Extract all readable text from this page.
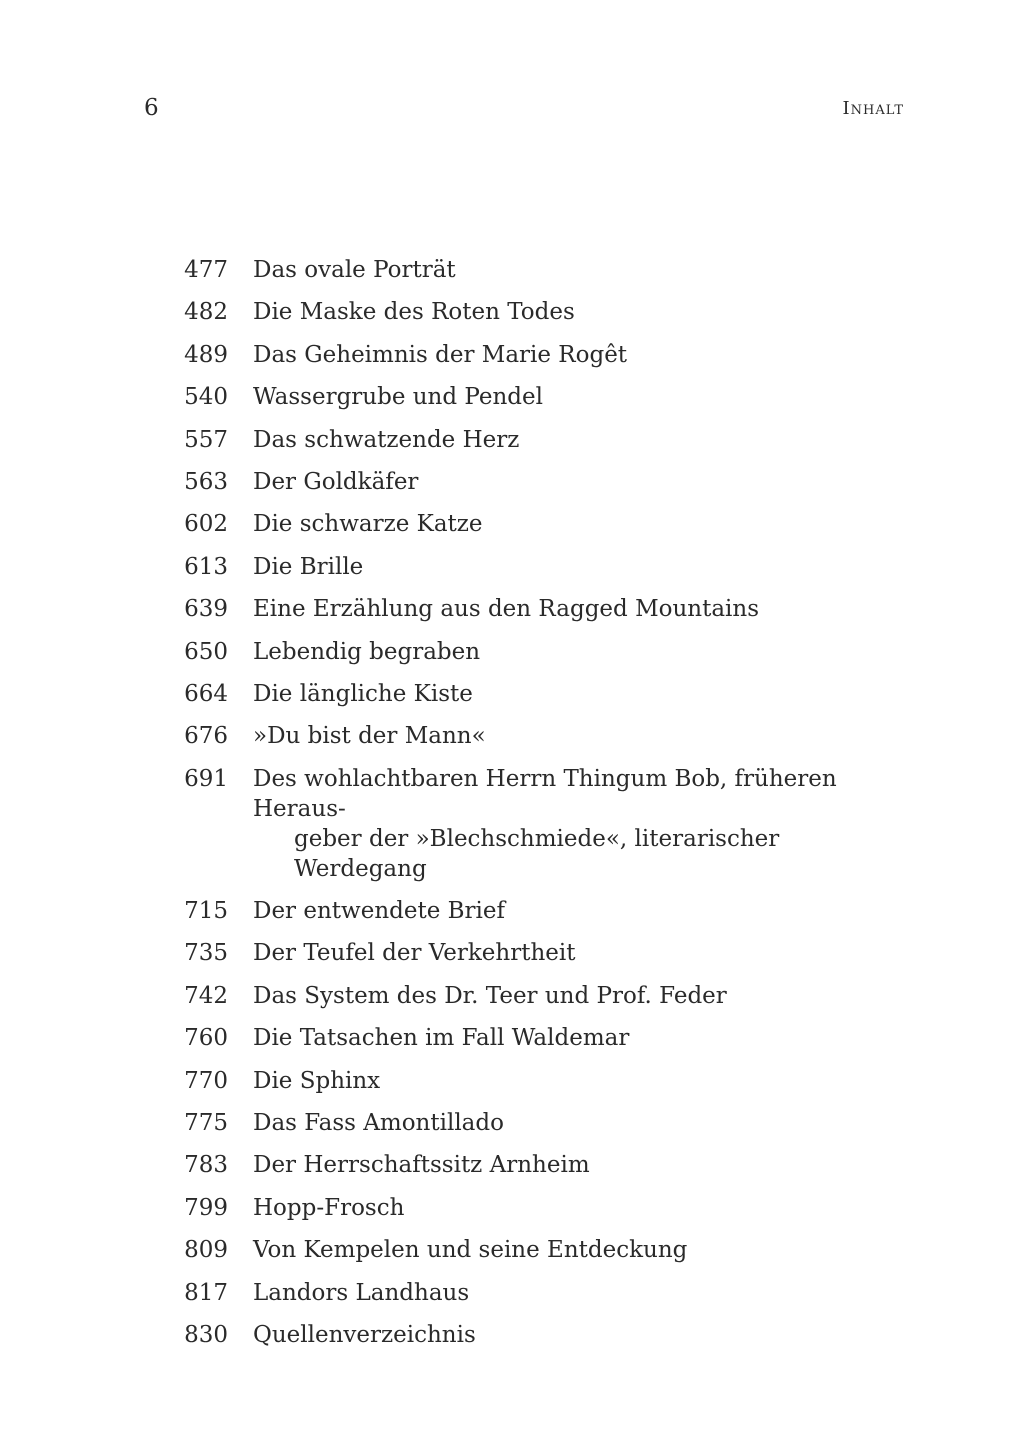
6	Inhalt
477 Das ovale Porträt
482 Die Maske des Roten Todes
489 Das Geheimnis der Marie Rogêt
540 Wassergrube und Pendel
557 Das schwatzende Herz
563 Der Goldkäfer
602 Die schwarze Katze
613 Die Brille
639 Eine Erzählung aus den Ragged Mountains
650 Lebendig begraben
664 Die längliche Kiste
676 »Du bist der Mann«
691 Des wohlachtbaren Herrn Thingum Bob, früheren Heraus-
geber der »Blechschmiede«, literarischer Werdegang
715 Der entwendete Brief
735 Der Teufel der Verkehrtheit
742 Das System des Dr. Teer und Prof. Feder
760 Die Tatsachen im Fall Waldemar
770 Die Sphinx
775 Das Fass Amontillado
783 Der Herrschaftssitz Arnheim
799 Hopp-Frosch
809 Von Kempelen und seine Entdeckung
817 Landors Landhaus
830 Quellenverzeichnis
